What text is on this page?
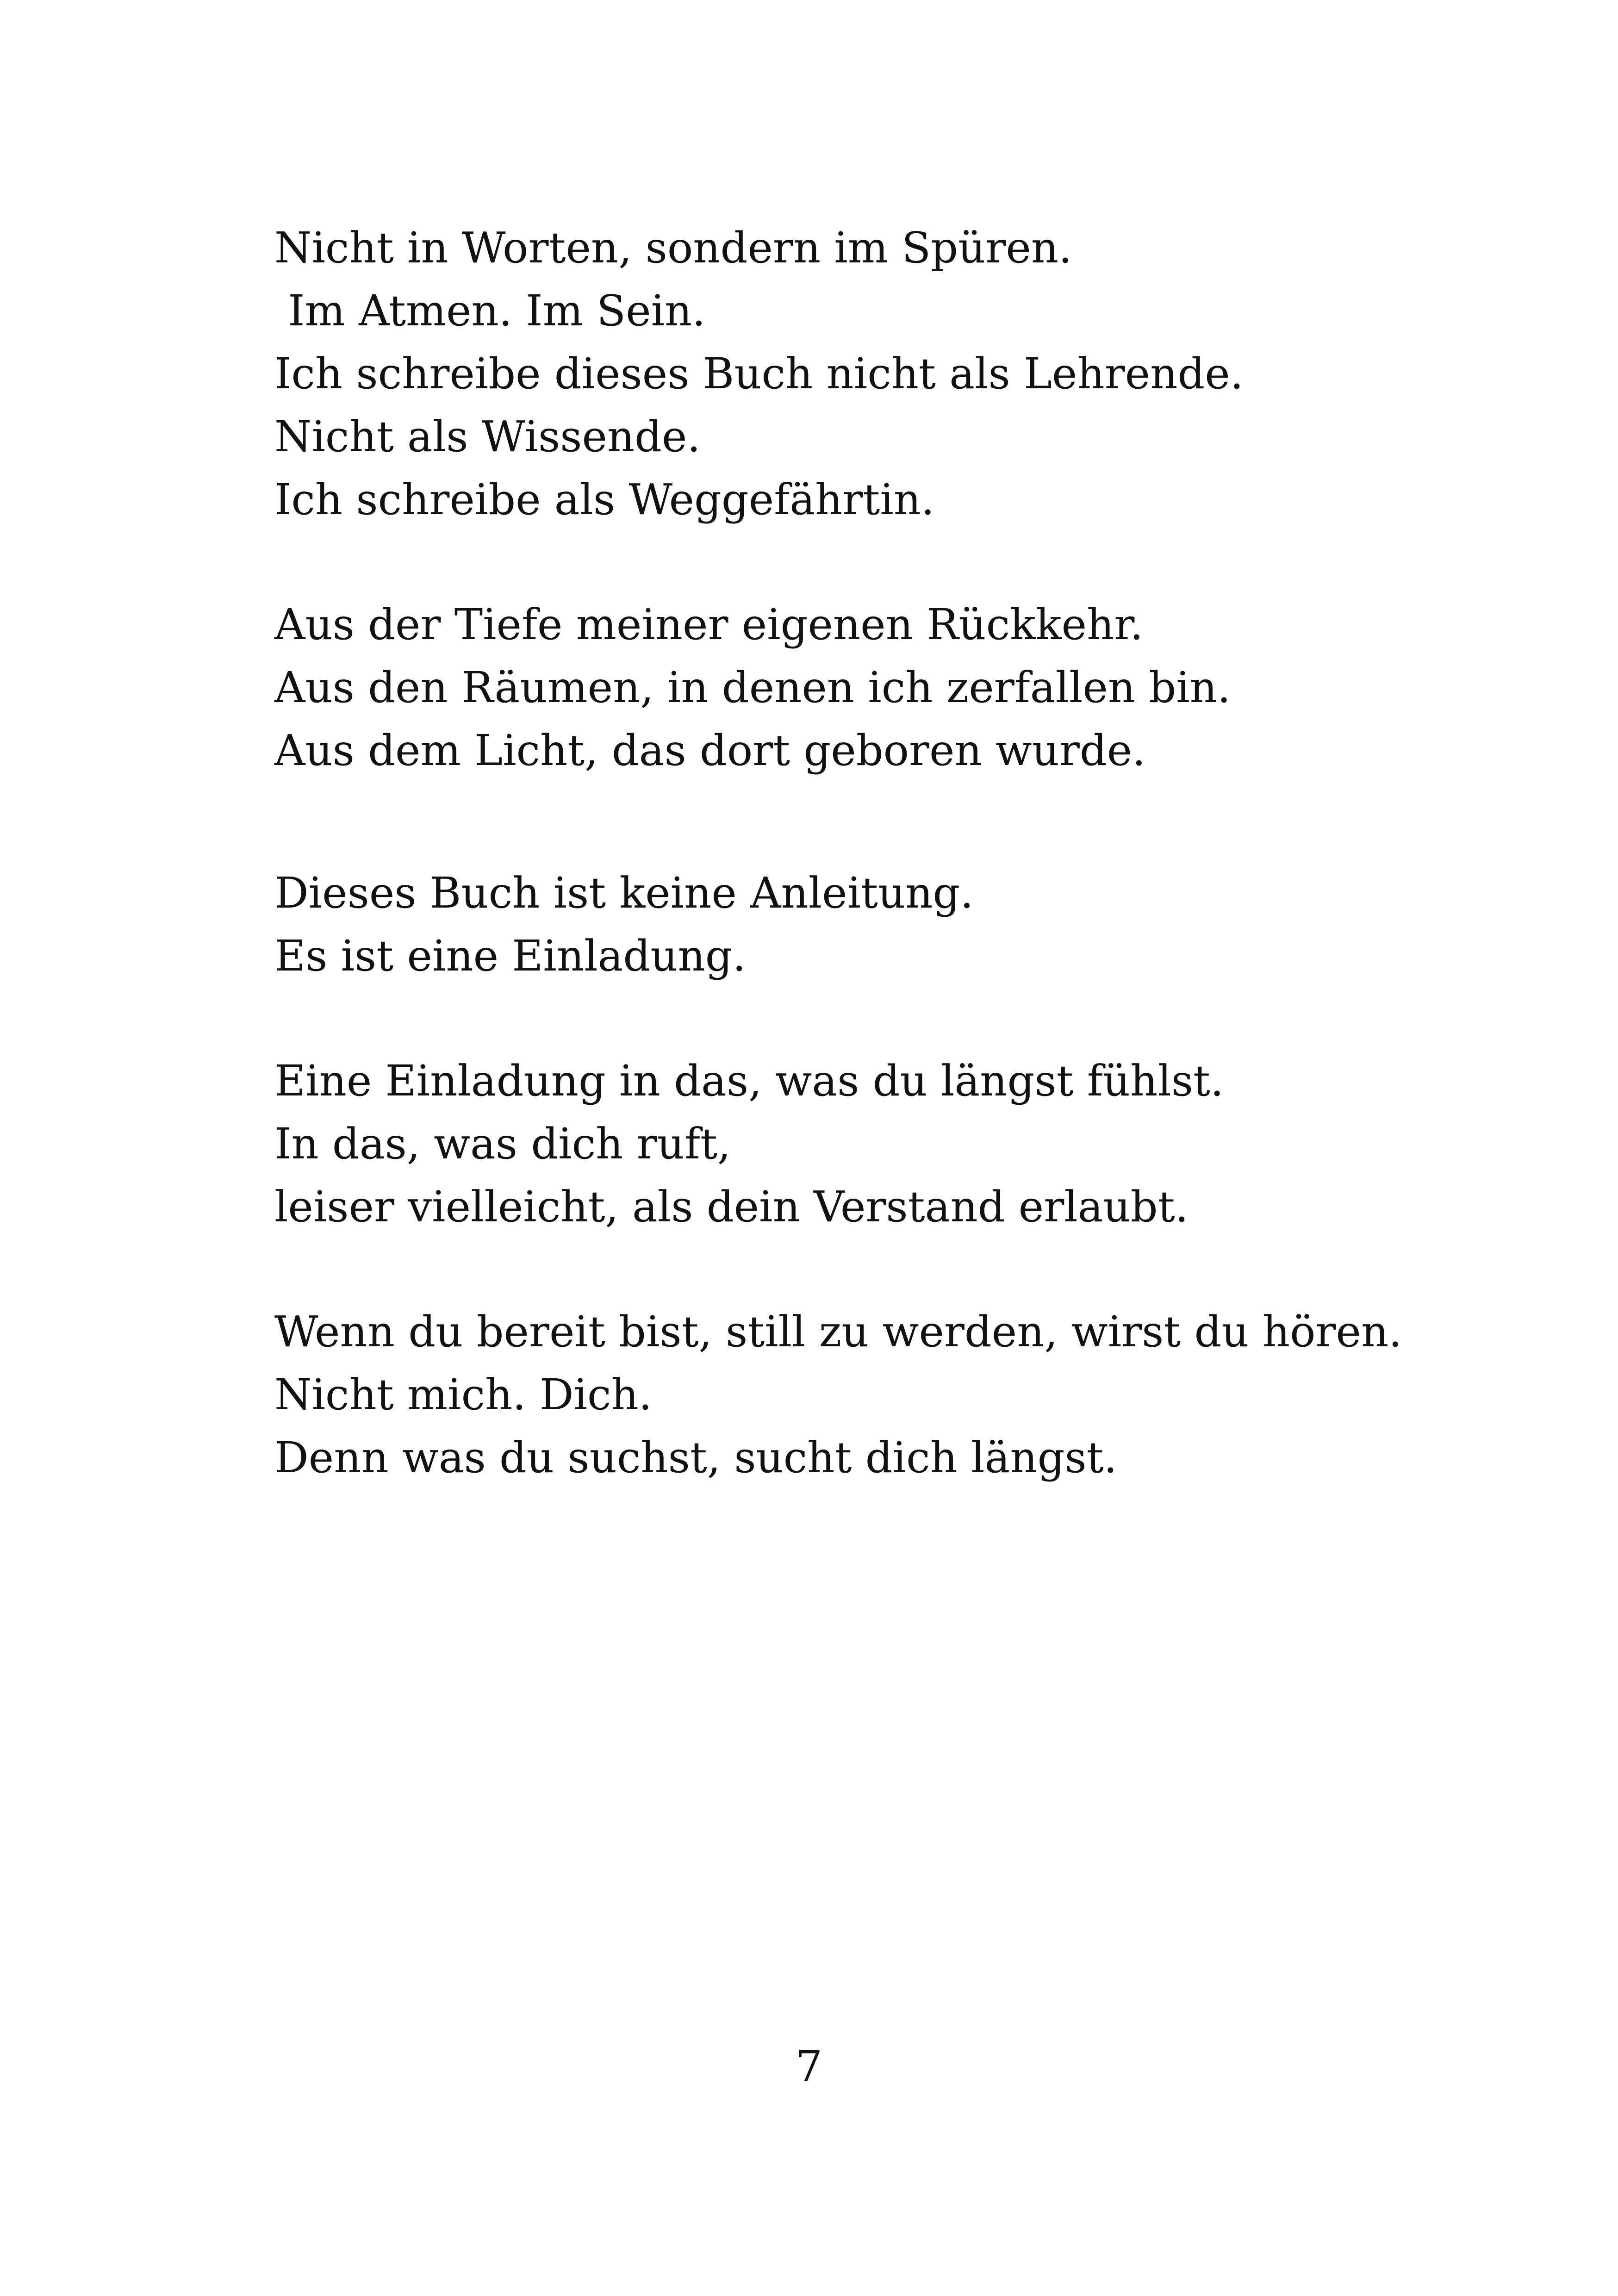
Nicht in Worten, sondern im Spüren.
Im Atmen. Im Sein.
Ich schreibe dieses Buch nicht als Lehrende.
Nicht als Wissende.
Ich schreibe als Weggefährtin.

Aus der Tiefe meiner eigenen Rückkehr.
Aus den Räumen, in denen ich zerfallen bin.
Aus dem Licht, das dort geboren wurde.

Dieses Buch ist keine Anleitung.
Es ist eine Einladung.

Eine Einladung in das, was du längst fühlst.
In das, was dich ruft,
leiser vielleicht, als dein Verstand erlaubt.

Wenn du bereit bist, still zu werden, wirst du hören.
Nicht mich. Dich.
Denn was du suchst, sucht dich längst.

7
